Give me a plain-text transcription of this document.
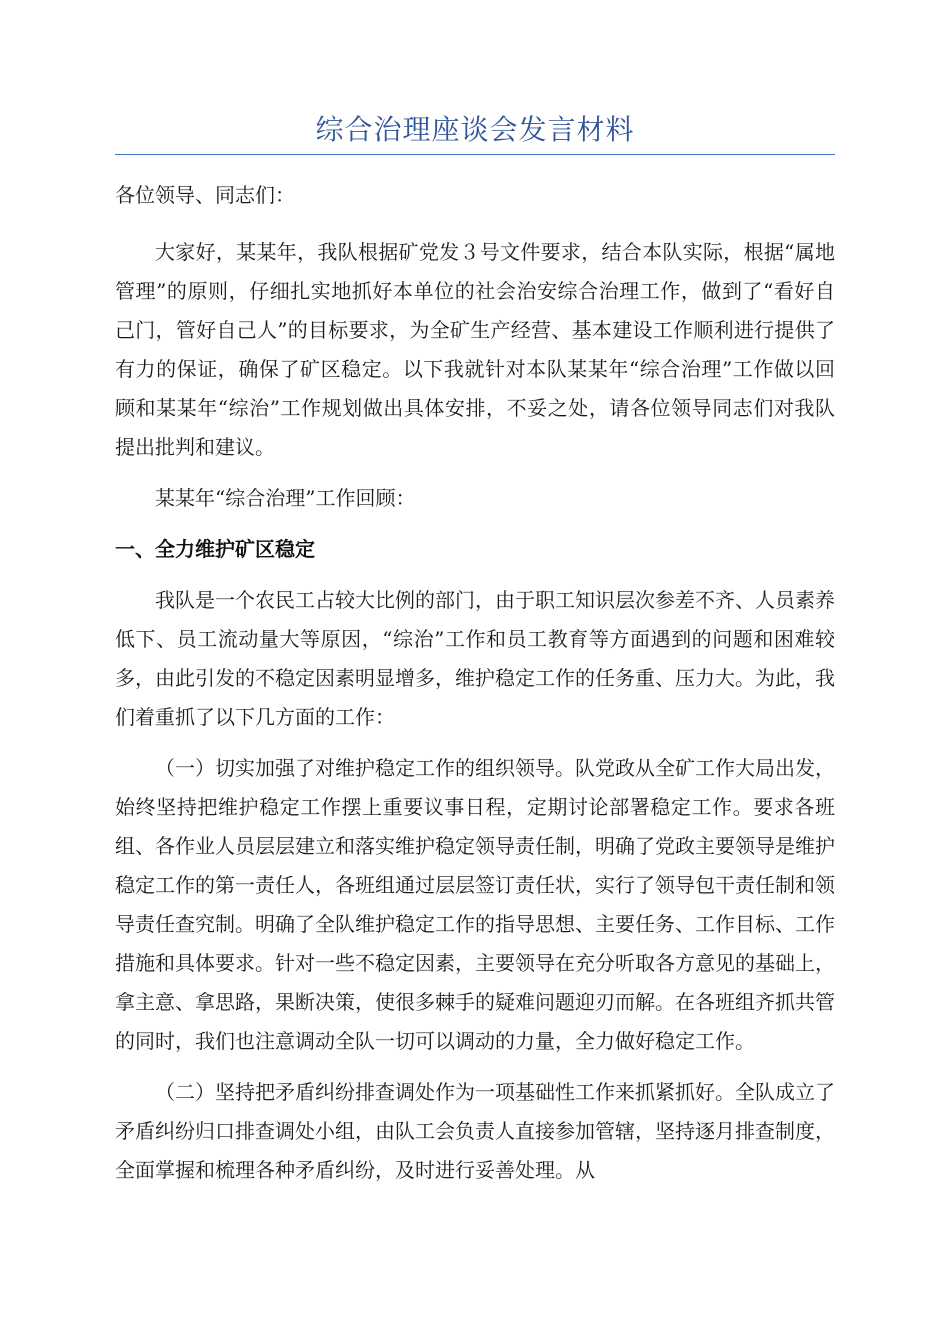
综合治理座谈会发言材料

各位领导、同志们：

大家好，某某年，我队根据矿党发３号文件要求，结合本队实际，根据“属地管理”的原则，仔细扎实地抓好本单位的社会治安综合治理工作，做到了“看好自己门，管好自己人”的目标要求，为全矿生产经营、基本建设工作顺利进行提供了有力的保证，确保了矿区稳定。以下我就针对本队某某年“综合治理”工作做以回顾和某某年“综治”工作规划做出具体安排，不妥之处，请各位领导同志们对我队提出批判和建议。

某某年“综合治理”工作回顾：

一、全力维护矿区稳定

我队是一个农民工占较大比例的部门，由于职工知识层次参差不齐、人员素养低下、员工流动量大等原因，“综治”工作和员工教育等方面遇到的问题和困难较多，由此引发的不稳定因素明显增多，维护稳定工作的任务重、压力大。为此，我们着重抓了以下几方面的工作：

（一）切实加强了对维护稳定工作的组织领导。队党政从全矿工作大局出发，始终坚持把维护稳定工作摆上重要议事日程，定期讨论部署稳定工作。要求各班组、各作业人员层层建立和落实维护稳定领导责任制，明确了党政主要领导是维护稳定工作的第一责任人，各班组通过层层签订责任状，实行了领导包干责任制和领导责任查究制。明确了全队维护稳定工作的指导思想、主要任务、工作目标、工作措施和具体要求。针对一些不稳定因素，主要领导在充分听取各方意见的基础上，拿主意、拿思路，果断决策，使很多棘手的疑难问题迎刃而解。在各班组齐抓共管的同时，我们也注意调动全队一切可以调动的力量，全力做好稳定工作。

（二）坚持把矛盾纠纷排查调处作为一项基础性工作来抓紧抓好。全队成立了矛盾纠纷归口排查调处小组，由队工会负责人直接参加管辖，坚持逐月排查制度，全面掌握和梳理各种矛盾纠纷，及时进行妥善处理。从
